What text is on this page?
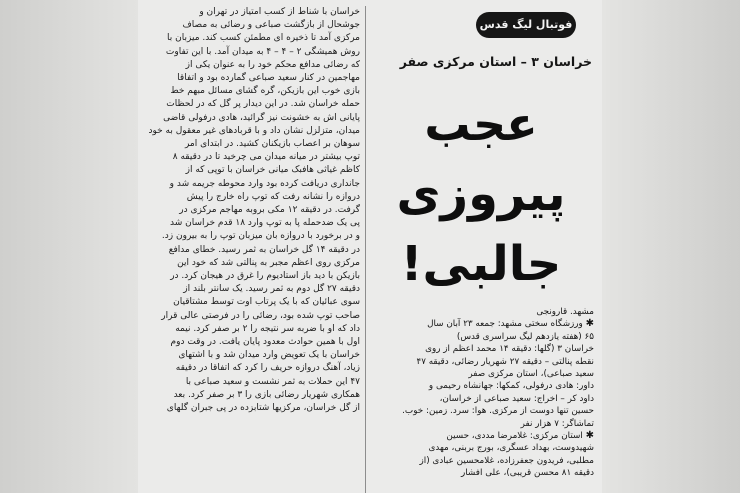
خراسان با شناط از کسب امتیاز در تهران و

جوشحال از بازگشت صباعی و رضائی به مصاف

مرکزی آمد تا ذخیره ای مطمئن کسب کند. میزبان با

روش همیشگی ۲ – ۴ – ۴ به میدان آمد. با این تفاوت

که رضائی مدافع محکم خود را به عنوان یکی از

مهاجمین در کنار سعید صباعی گمارده بود و اتفاقا

بازی خوب این بازیکن، گره گشای مسائل مبهم خط

حمله خراسان شد. در این دیدار پر گل که در لحظات

پایانی اش به خشونت نیز گرائید، هادی درفولی قاضی

میدان، متزلزل نشان داد و با قربادهای غیر معقول به خود

سوهان بر اعصاب بازیکنان کشید. در ابتدای امر

توپ بیشتر در میانه میدان می چرخید تا در دقیقه ۸

کاظم غیاثی هافبک میانی خراسان با توپی که از

جانداری دریافت کرده بود وارد محوطه جریمه شد و

دروازه را نشانه رفت که توپ راه خارج را پیش

گرفت. در دقیقه ۱۲ مکی بروبه مهاجم مرکزی در

پی یک ضدحمله پا به توپ وارد ۱۸ قدم خراسان شد

و در برخورد با دروازه بان میزبان توپ را به بیرون زد.

در دقیقه ۱۴ گل خراسان به ثمر رسید. خطای مدافع

مرکزی روی اعظم مجبر به پنالتی شد که خود این

بازیکن با دید باز استادیوم را غرق در هیجان کرد. در

دقیقه ۲۷ گل دوم به ثمر رسید. یک سانتر بلند از

سوی عبائیان که با یک پرتاب اوت توسط مشتاقیان

صاحب توپ شده بود، رضائی را در فرصتی عالی قرار

داد که او با ضربه سر نتیجه را ۲ بر صفر کرد. نیمه

اول با همین حوادث معدود پایان یافت. در وقت دوم

خراسان با یک تعویض وارد میدان شد و با اشتهای

زیاد، آهنگ دروازه حریف را کرد که اتفاقا در دقیقه

۴۷ این حملات به ثمر نشست و سعید صباعی با

همکاری شهریار رضائی بازی را ۳ بر صفر کرد. بعد

از گل خراسان، مرکزیها شتابزده در پی جبران گلهای

فوتبال لیگ قدس
خراسان ۳ – استان مرکزی صفر
عجب
پیروزی
جالبی!

مشهد. قارونجی

✱ ورزشگاه سختی مشهد: جمعه ۲۳ آبان سال

۶۵ (هفته یازدهم لیگ سراسری قدس)

خراسان ۳ (گلها: دقیقه ۱۴ محمد اعظم از روی

نقطه پنالتی – دقیقه ۲۷ شهریار رضائی، دقیقه ۴۷

سعید صباعی)، استان مرکزی صفر

داور: هادی درفولی، کمکها: جهانشاه رحیمی و

داود کر – اخراج: سعید صباعی از خراسان،

حسین تنها دوست از مرکزی. هوا: سرد. زمین: خوب.

تماشاگر: ۷ هزار نفر

✱ استان مرکزی: غلامرضا مددی، حسین

شهیدوست، بهداد عسگری، بورج بربنی، مهدی

مطلبی، فریدون جعفرزاده، غلامحسین عبادی (از

دقیقه ۸۱ محسن قریبی)، علی افشار
